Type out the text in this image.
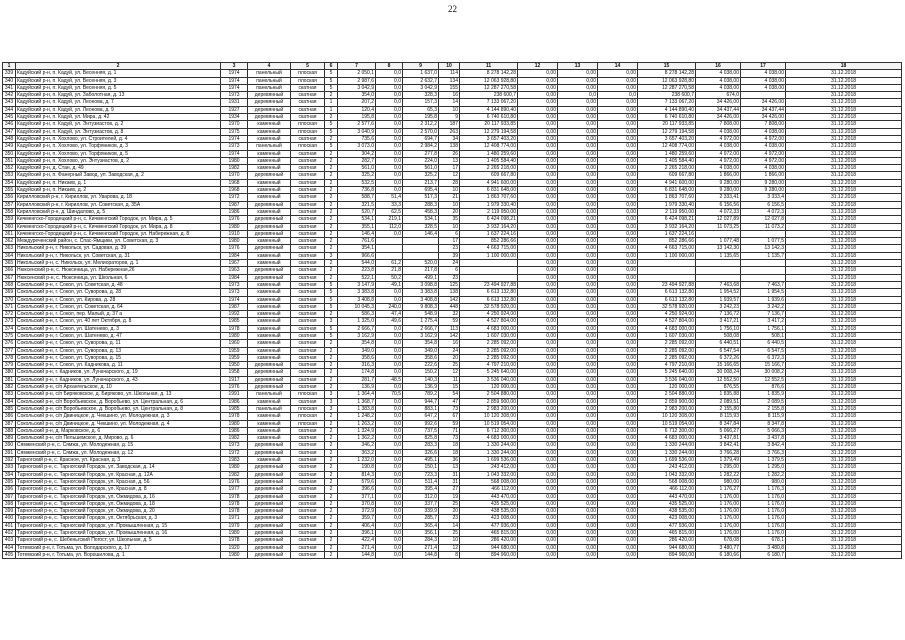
22
1	2	3	4	5	6	7	8	9	10	11	12	13	14	15	16	17	18
339	Кадуйский р-н, п. Кадуй, ул. Весенняя, д. 1	1974	панельный	плоская	5	2 050,1	0,0	1 637,0	114	8 278 142,28	0,00	0,00	0,00	8 278 142,28	4 038,00	4 038,00	31.12.2018
340	Кадуйский р-н, п. Кадуй, ул. Весенняя, д. 3	1974	панельный	плоская	5	2 987,6	0,0	2 632,7	134	12 063 928,80	0,00	0,00	0,00	12 063 928,80	4 038,00	4 038,00	31.12.2018
341	Кадуйский р-н, п. Кадуй, ул. Весенняя, д. 5	1974	панельный	скатная	5	3 042,9	0,0	3 042,9	155	12 287 270,58	0,00	0,00	0,00	12 287 270,58	4 038,00	4 038,00	31.12.2018
342	Кадуйский р-н, п. Кадуй, ул. Заболотная, д. 13	1973	деревянный	скатная	2	354,0	0,0	328,3	16	238 600,7	0,00	0,0	0,0	238 600,7	674,0		31.12.2018
343	Кадуйский р-н, п. Кадуй, ул. Леонова, д. 7	1931	деревянный	скатная	1	207,2	0,0	157,3	14	7 133 067,20	0,00	0,00	0,00	7 133 067,20	34 426,00	34 426,00	31.12.2018
344	Кадуйский р-н, п. Кадуй, ул. Леонова, д. 9	1927	деревянный	скатная	1	120,4	0,0	65,3	10	4 144 890,40	0,00	0,00	0,00	4 144 890,40	34 437,44	34 437,44	31.12.2018
345	Кадуйский р-н, п. Кадуй, ул. Мира, д. 42	1934	деревянный	скатная	2	195,8	0,0	195,8	9	6 740 610,80	0,00	0,00	0,00	6 740 610,80	34 426,00	34 426,00	31.12.2018
346	Кадуйский р-н, п. Кадуй, ул. Энтузиастов, д. 2	1970	каменный	плоская	5	2 577,6	0,0	2 312,2	187	20 117 933,85	0,00	0,00	0,00	20 117 933,85	7 808,00	7 808,00	31.12.2018
347	Кадуйский р-н, п. Кадуй, ул. Энтузиастов, д. 8	1975	каменный	плоская	5	3 040,9	0,0	2 570,0	263	12 279 194,58	0,00	0,00	0,00	12 279 194,58	4 038,00	4 038,00	31.12.2018
348	Кадуйский р-н, п. Хохлово, ул. Строителей, д. 4	1974	каменный	скатная	2	735,6	0,0	694,7	34	3 657 403,20	0,00	0,00	0,00	3 657 403,20	4 972,00	4 972,00	31.12.2018
349	Кадуйский р-н, п. Хохлово, ул. Торфяников, д. 3	1973	панельный	плоская	5	3 073,0	0,0	2 984,2	138	12 408 774,00	0,00	0,00	0,00	12 408 774,00	4 038,00	4 038,00	31.12.2018
350	Кадуйский р-н, п. Хохлово, ул. Торфяников, д. 5	1974	каменный	скатная	2	304,2	0,0	277,8	26	1 480 259,60	0,00	0,00	0,00	1 480 259,60	4 972,00	4 972,00	31.12.2018
351	Кадуйский р-н, п. Хохлово, ул. Энтузиастов, д. 2	1980	каменный	скатная	2	282,7	0,0	224,0	13	1 405 584,40	0,00	0,00	0,00	1 405 584,40	4 972,00	4 972,00	31.12.2018
352	Кадуйский р-н, д. Стан, д. 49	1982	каменный	скатная	2	561,0	0,0	561,0	17	2 265 218,00	0,00	0,00	0,00	2 265 218,00	4 038,00	4 038,00	31.12.2018
353	Кадуйский р-н, п. Фанерный Завод, ул. Заводская, д. 2	1970	деревянный	скатная	2	325,2	0,0	325,2	12	609 667,80	0,00	0,00	0,00	609 667,80	1 866,00	1 866,00	31.12.2018
354	Кадуйский р-н, п. Никаев, д. 1	1968	каменный	скатная	2	532,5	0,0	213,7	28	4 941 600,00	0,00	0,00	0,00	4 941 600,00	9 280,00	9 280,00	31.12.2018
355	Кадуйский р-н, п. Никаев, д. 2	1968	каменный	скатная	2	736,8	0,0	695,4	10	6 831 648,00	0,00	0,00	0,00	6 831 648,00	9 280,00	9 280,00	31.12.2018
356	Кирилловский р-н, г. Кириллов, ул. Уварова, д. 18	1972	каменный	скатная	2	588,7	51,4	517,3	21	1 863 707,60	0,00	0,00	0,00	1 863 707,60	2 333,41	3 333,4	31.12.2018
357	Кирилловский р-н, г. Кириллов, ул. Советская, д. 35А	1987	деревянный	скатная	2	321,5	33,3	288,3	10	1 979 330,40	0,00	0,00	0,00	1 979 330,40	6 156,56	6 156,5	31.12.2018
358	Кирилловский р-н, д. Шиндалово, д. 5	1986	каменный	скатная	2	520,7	62,5	458,3	20	2 119 950,00	0,00	0,00	0,00	2 119 950,00	4 072,33	4 072,3	31.12.2018
359	Кичменгско-Городецкий р-н, с. Кичменгский Городок, ул. Мира, д. 5	1976	деревянный	скатная	2	534,1	219,1	534,1	35	6 424 098,21	0,00	0,00	0,00	6 424 098,21	12 027,89	12 027,8	31.12.2018
360	Кичменгско-Городецкий р-н, с. Кичменгский Городок, ул. Мира, д. 8	1980	деревянный	скатная	2	355,1	112,0	328,5	10	3 932 164,20	0,00	0,00	0,00	3 932 164,20	11 073,25	11 073,2	31.12.2018
361	Кичменгско-Городецкий р-н, с. Кичменгский Городок, ул. Набережная, д. 8	1910	деревянный	скатная	2	146,4	0,0	146,4	6	1 637 224,16	0,00	0,00	0,00	1 637 224,16			31.12.2018
362	Междуреченский район, с. Спас-Ямщики, ул. Советская, д. 3	1980	каменный	скатная	2	761,6			17	852 286,66	0,00	0,00	0,00	852 286,66	1 077,48	1 077,5	31.12.2018
363	Никольский р-н, г. Никольск, ул. Садовая, д. 39	1976	деревянный	скатная	2	354,1			23	4 663 715,00	0,00	0,00	0,00	4 663 715,00	13 142,30	13 142,3	31.12.2018
364	Никольский р-н, г. Никольск, ул. Советская, д. 31	1984	каменный	скатная	3	966,6			39	1 100 000,00	0,00	0,00	0,00	1 100 000,00	1 135,65	1 135,7	31.12.2018
365	Никольский р-н, с. Никольск, ул. Мелиораторов, д. 1	1967	каменный	скатная	2	544,0	61,2	520,0	24		0,00	0,00	0,00				31.12.2018
366	Нюксенский р-н, с. Нюксеница, ул. Набережная,26	1963	деревянный	скатная	2	223,8	21,8	217,8	6		0,00	0,00	0,00				31.12.2018
367	Нюксенский р-н, с. Нюксеница, ул. Школьная, 6	1984	деревянный	скатная	2	522,1	50,2	499,1	23		0,00	0,00	0,00				31.12.2018
368	Сокольский р-н, г. Сокол, ул. Советская, д. 48	1973	каменный	скатная	5	3 147,9	49,1	3 098,8	125	23 494 927,88	0,00	0,00	0,00	23 494 927,88	7 463,68	7 463,7	31.12.2018
369	Сокольский р-н, г. Сокол, ул. Суворова, д. 28	1973	каменный	скатная	5	3 383,8	0,0	3 383,8	138	6 613 132,80	0,00	0,00	0,00	6 613 132,80	1 954,52	1 954,5	31.12.2018
370	Сокольский р-н, г. Сокол, ул. Кирова, д. 28	1974	каменный	скатная	5	3 408,8	0,0	3 408,8	142	6 613 132,80	0,00	0,00	0,00	6 613 132,80	1 939,57	1 939,6	31.12.2018
371	Сокольский р-н, г. Сокол, ул. Советская, д. 64	1987	каменный	скатная	5	10 045,3	240,0	9 808,3	448	32 578 920,00	0,00	0,00	0,00	32 578 920,00	3 242,23	3 242,2	31.12.2018
372	Сокольский р-н, г. Сокол, пер. Малый, д. 37 а	1992	каменный	скатная	2	586,3	47,4	548,9	32	4 250 924,00	0,00	0,00	0,00	4 250 924,00	7 136,72	7 136,7	31.12.2018
373	Сокольский р-н, г. Сокол, ул. 40 лет Октября, д. 8	1985	каменный	скатная	3	1 325,0	49,6	1 275,4	59	4 527 804,00	0,00	0,00	0,00	4 527 804,00	3 417,21	3 417,2	31.12.2018
374	Сокольский р-н, г. Сокол, ул. Шатенево, д. 3	1978	каменный	скатная	5	2 666,7	0,0	2 666,7	113	4 683 000,00	0,00	0,00	0,00	4 683 000,00	1 756,10	1 756,1	31.12.2018
375	Сокольский р-н, г. Сокол, ул. Шатенево, д. 47	1980	каменный	скатная	5	3 162,9	0,0	3 162,9	142	1 607 030,00	0,00	0,00	0,00	1 607 030,00	508,08	508,1	31.12.2018
376	Сокольский р-н, г. Сокол, ул. Суворова, д. 11	1960	каменный	скатная	2	354,8	0,0	354,8	16	2 285 092,00	0,00	0,00	0,00	2 285 092,00	6 440,51	6 440,5	31.12.2018
377	Сокольский р-н, г. Сокол, ул. Суворова, д. 13	1959	каменный	скатная	2	349,0	0,0	349,0	24	2 285 092,00	0,00	0,00	0,00	2 285 092,00	6 547,54	6 547,5	31.12.2018
378	Сокольский р-н, г. Сокол, ул. Суворова, д. 15	1959	каменный	скатная	2	358,6	0,0	358,6	20	2 285 092,00	0,00	0,00	0,00	2 285 092,00	6 372,26	6 372,3	31.12.2018
379	Сокольский р-н, г. Сокол, ул. Кадникова, д. 11	1950	деревянный	скатная	2	316,3	0,0	222,6	25	4 797 210,00	0,00	0,00	0,00	4 797 210,00	15 166,65	15 166,7	31.12.2018
380	Сокольский р-н, г. Кадников, ул. Луначарского, д. 19	1958	деревянный	скатная	2	174,8	0,0	150,2	12	5 245 640,00	0,00	0,00	0,00	5 245 640,00	30 008,24	30 008,2	31.12.2018
381	Сокольский р-н, г. Кадников, ул. Луначарского, д. 43	1917	деревянный	скатная	2	281,7	48,5	140,3	11	3 536 040,00	0,00	0,00	0,00	3 536 040,00	12 552,50	12 552,5	31.12.2018
382	Сокольский р-н, с/п Архангельское, д. 10	1976	деревянный	скатная	2	136,9	0,0	136,9	15	120 000,00	0,00	0,00	0,00	120 000,00	876,55	876,6	31.12.2018
383	Сокольский р-н, с/п Биряковское, д. Биряково, ул. Школьная, д. 13	1991	панельный	плоская	3	1 364,4	70,5	789,2	54	2 504 880,00	0,00	0,00	0,00	2 504 880,00	1 835,88	1 835,9	31.12.2018
384	Сокольский р-н, с/п Воробьевское, д. Воробьево, ул. Центральная, д. 6	1986	каменный	скатная	3	1 368,7	0,0	944,7	47	2 859 900,00	0,00	0,00	0,00	2 859 900,00	2 089,51	2 089,5	31.12.2018
385	Сокольский р-н, с/п Воробьевское, д. Воробьево, ул. Центральная, д. 8	1985	панельный	плоская	3	1 383,8	0,0	883,1	73	2 983 200,00	0,00	0,00	0,00	2 983 200,00	2 155,80	2 155,8	31.12.2018
386	Сокольский р-н, с/п Двиницкое, д. Чекшино, ул. Молодежная, д. 3	1978	каменный	плоская	2	1 248,2	0,0	647,2	67	10 120 308,00	0,00	0,00	0,00	10 120 308,00	8 115,93	8 115,9	31.12.2018
387	Сокольский р-н, с/п Двиницкое, д. Чекшино, ул. Молодежная, д. 4	1980	каменный	плоская	2	1 263,2	0,0	992,6	59	10 519 054,00	0,00	0,00	0,00	10 519 054,00	8 347,84	8 347,8	31.12.2018
388	Сокольский р-н, д. Марковское, д. 6	1986	каменный	скатная	2	1 324,9	0,0	737,5	71	6 712 300,00	0,00	0,00	0,00	6 712 300,00	5 066,27	5 066,3	31.12.2018
389	Сокольский р-н, с/п Пельшемское, д. Мирово, д. 6	1982	каменный	скатная	2	1 362,2	0,0	825,8	73	4 683 000,00	0,00	0,00	0,00	4 683 000,00	3 437,81	3 437,8	31.12.2018
390	Сямженский р-н, с. Сямжа, ул. Молодежная, д. 15	1973	деревянный	скатная	2	346,2	0,0	283,3	18	1 330 244,00	0,00	0,00	0,00	1 330 244,00	3 842,41	3 842,4	31.12.2018
391	Сямженский р-н, с. Сямжа, ул. Молодежная, д. 12	1972	деревянный	скатная	2	363,2	0,0	326,6	18	1 330 244,00	0,00	0,00	0,00	1 330 244,00	3 766,28	3 766,3	31.12.2018
392	Тарногский р-н, с. Красное, ул. Красная, д. 3	1983	каменный	скатная	2	1 232,0	0,0	495,1	36	1 699 536,00	0,00	0,00	0,00	1 699 536,00	1 379,49	1 379,5	31.12.2018
393	Тарногский р-н, с. Тарногский Городок, ул. Заводская, д. 14	1980	деревянный	скатная	2	190,8	0,0	150,1	13	243 412,00	0,00	0,00	0,00	243 412,00	1 295,00	1 295,0	31.12.2018
394	Тарногский р-н, с. Тарногский Городок, ул. Красная, д. 12А	1982	деревянный	скатная	2	814,3	0,0	723,3	31	1 043 332,00	0,00	0,00	0,00	1 043 332,00	1 282,22	1 282,2	31.12.2018
395	Тарногский р-н, с. Тарногский Городок, ул. Красная, д. 56	1976	деревянный	скатная	2	579,6	0,0	511,4	31	568 008,00	0,00	0,00	0,00	568 008,00	980,00	980,0	31.12.2018
396	Тарногский р-н, с. Тарногский Городок, ул. Красная, д. 8	1977	деревянный	скатная	2	396,6	0,0	395,4	27	466 112,00	0,00	0,00	0,00	466 112,00	1 176,27	1 176,3	31.12.2018
397	Тарногский р-н, с. Тарногский Городок, ул. Ожмидова, д. 16	1978	деревянный	скатная	2	377,1	0,0	312,0	19	443 470,00	0,00	0,00	0,00	443 470,00	1 176,00	1 176,0	31.12.2018
398	Тарногский р-н, с. Тарногский Городок, ул. Ожмидова, д. 18	1978	деревянный	скатная	2	370,8	0,0	337,7	25	435 525,00	0,00	0,00	0,00	435 525,00	1 176,00	1 176,0	31.12.2018
399	Тарногский р-н, с. Тарногский Городок, ул. Ожмидова, д. 20	1978	деревянный	скатная	2	372,9	0,0	339,9	20	438 535,00	0,00	0,00	0,00	438 535,00	1 176,00	1 176,0	31.12.2018
400	Тарногский р-н, с. Тарногский Городок, ул. Октябрьская, д. 3	1971	деревянный	скатная	2	359,7	0,0	285,7	23	423 008,00	0,00	0,00	0,00	423 008,00	1 176,00	1 176,0	31.12.2018
401	Тарногский р-н, с. Тарногский Городок, ул. Промышленная, д. 15	1979	деревянный	скатная	2	406,4	0,0	365,4	14	477 936,00	0,00	0,00	0,00	477 936,00	1 176,00	1 176,0	31.12.2018
402	Тарногский р-н, с. Тарногский Городок, ул. Промышленная, д. 16	1980	деревянный	скатная	2	396,1	0,0	356,1	25	465 815,00	0,00	0,00	0,00	465 815,00	1 176,00	1 176,0	31.12.2018
403	Тарногский р-н, с. Шебеньгский Погост, ул. Школьная, д. 5	1978	деревянный	скатная	2	422,4	0,0	284,3	10	286 420,00	0,00	0,00	0,00	286 420,00	678,08	678,1	31.12.2018
404	Тотемский р-н, г. Тотьма, ул. Володарского, д. 17	1920	деревянный	скатная	2	271,4	0,0	271,4	12	944 680,00	0,00	0,00	0,00	944 680,00	3 480,77	3 480,8	31.12.2018
405	Тотемский р-н, г. Тотьма, ул. Ворошилова, д. 1	1980	деревянный	скатная	2	144,8	0,0	144,8	8	894 960,00	0,00	0,00	0,00	894 960,00	6 180,66	6 180,7	31.12.2018
